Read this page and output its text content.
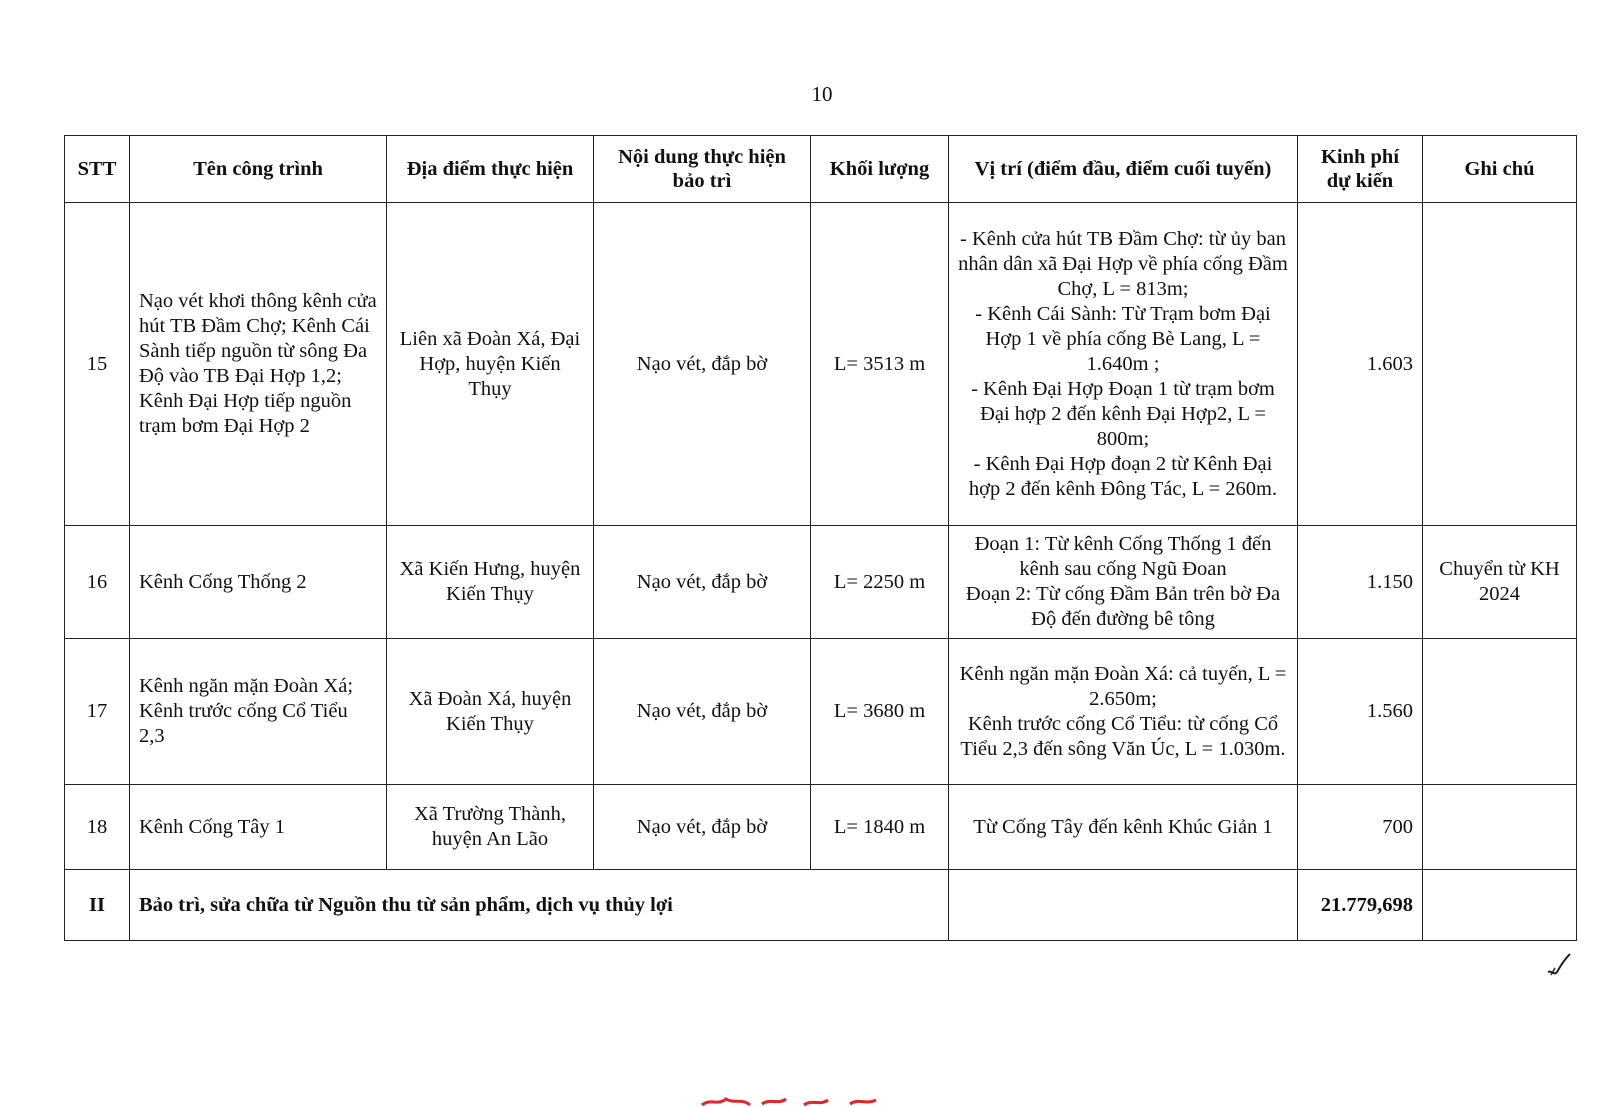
10
STT	Tên công trình	Địa điểm thực hiện	Nội dung thực hiện
bảo trì	Khối lượng	Vị trí (điểm đầu, điểm cuối tuyến)	Kinh phí
dự kiến	Ghi chú
15	Nạo vét khơi thông kênh cửa hút TB Đầm Chợ; Kênh Cái Sành tiếp nguồn từ sông Đa Độ vào TB Đại Hợp 1,2; Kênh Đại Hợp tiếp nguồn trạm bơm Đại Hợp 2	Liên xã Đoàn Xá, Đại Hợp, huyện Kiến Thụy	Nạo vét, đắp bờ	L= 3513 m	- Kênh cửa hút TB Đầm Chợ: từ ủy ban nhân dân xã Đại Hợp về phía cống Đầm Chợ, L = 813m;
- Kênh Cái Sành: Từ Trạm bơm Đại Hợp 1 về phía cống Bè Lang, L = 1.640m ;
- Kênh Đại Hợp Đoạn 1 từ trạm bơm Đại hợp 2 đến kênh Đại Hợp2, L = 800m;
- Kênh Đại Hợp đoạn 2 từ Kênh Đại hợp 2 đến kênh Đông Tác, L = 260m.	1.603	
16	Kênh Cống Thống 2	Xã Kiến Hưng, huyện Kiến Thụy	Nạo vét, đắp bờ	L= 2250 m	Đoạn 1: Từ kênh Cống Thống 1 đến kênh sau cống Ngũ Đoan
Đoạn 2: Từ cống Đầm Bản trên bờ Đa Độ đến đường bê tông	1.150	Chuyển từ KH 2024
17	Kênh ngăn mặn Đoàn Xá; Kênh trước cống Cổ Tiểu 2,3	Xã Đoàn Xá, huyện Kiến Thụy	Nạo vét, đắp bờ	L= 3680 m	Kênh ngăn mặn Đoàn Xá: cả tuyến, L = 2.650m;
Kênh trước cống Cổ Tiểu: từ cống Cổ Tiểu 2,3 đến sông Văn Úc, L = 1.030m.	1.560	
18	Kênh Cống Tây 1	Xã Trường Thành, huyện An Lão	Nạo vét, đắp bờ	L= 1840 m	Từ Cống Tây đến kênh Khúc Giản 1	700	
II	Bảo trì, sửa chữa từ Nguồn thu từ sản phẩm, dịch vụ thủy lợi					21.779,698	
